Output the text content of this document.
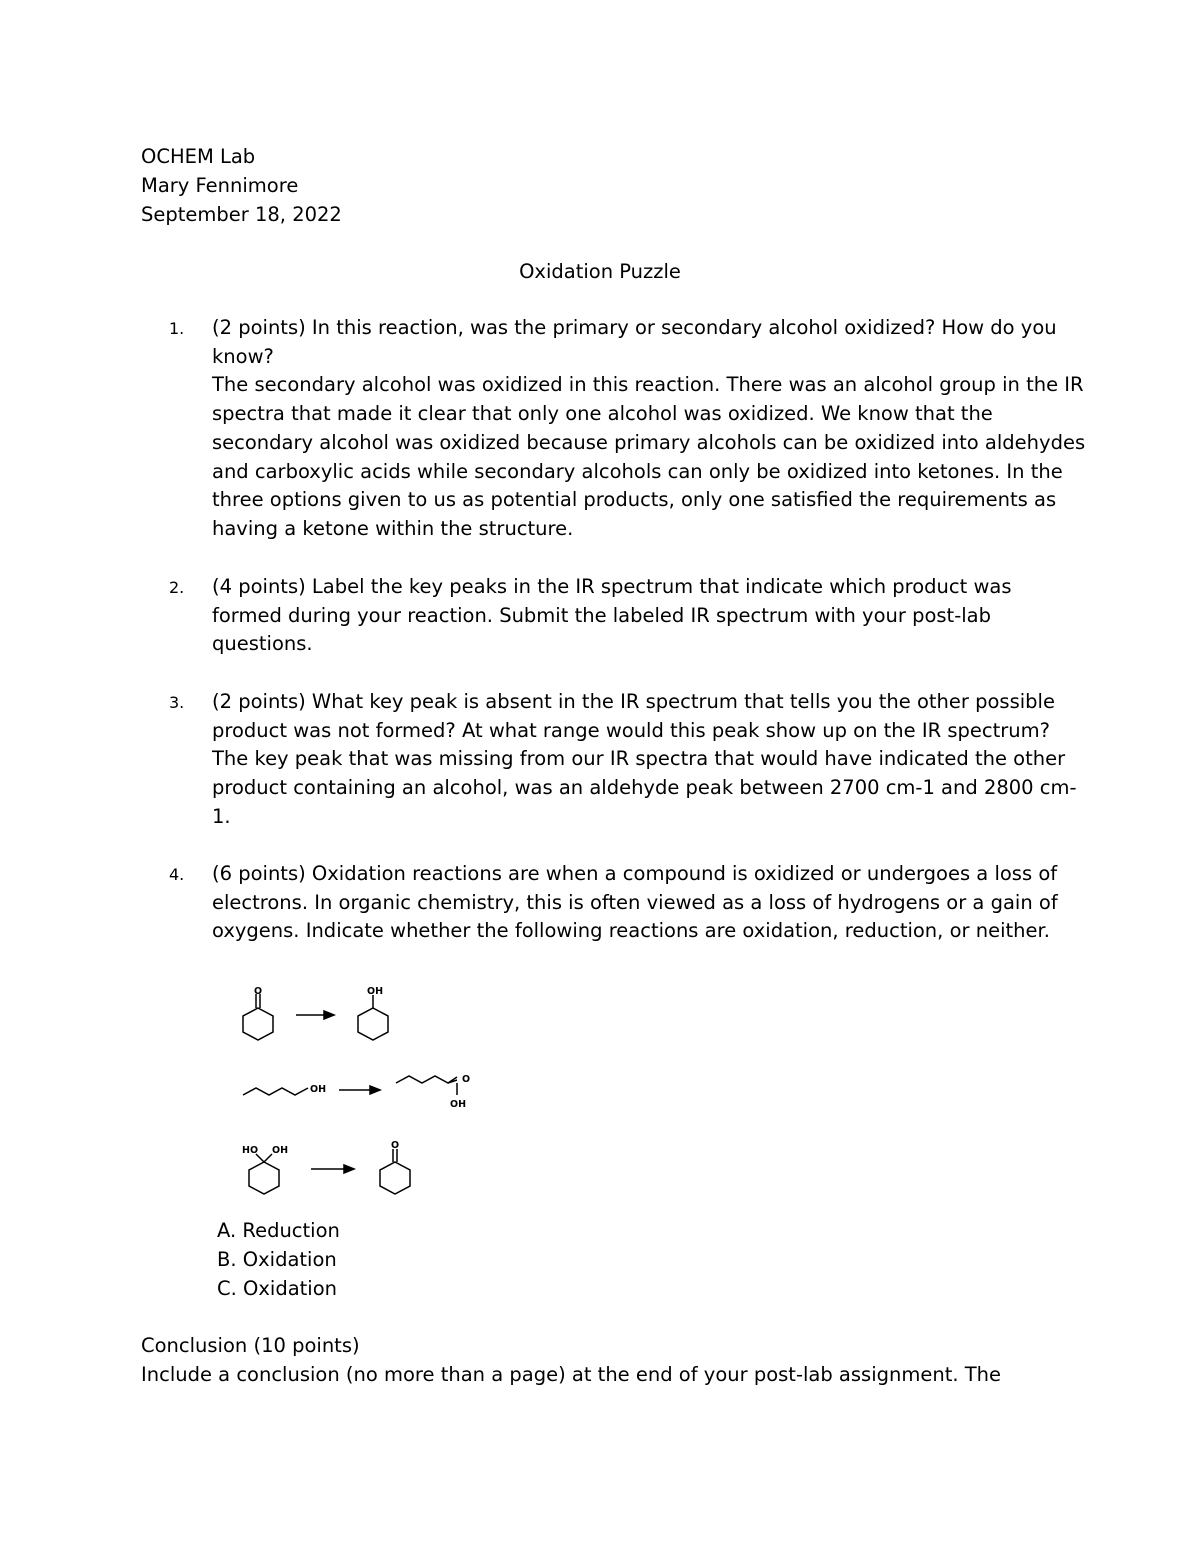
OCHEM Lab
Mary Fennimore
September 18, 2022
Oxidation Puzzle
1.	(2 points) In this reaction, was the primary or secondary alcohol oxidized? How do you
know?
The secondary alcohol was oxidized in this reaction. There was an alcohol group in the IR
spectra that made it clear that only one alcohol was oxidized. We know that the
secondary alcohol was oxidized because primary alcohols can be oxidized into aldehydes
and carboxylic acids while secondary alcohols can only be oxidized into ketones. In the
three options given to us as potential products, only one satisfied the requirements as
having a ketone within the structure.
2.	(4 points) Label the key peaks in the IR spectrum that indicate which product was
formed during your reaction. Submit the labeled IR spectrum with your post-lab
questions.
3.	(2 points) What key peak is absent in the IR spectrum that tells you the other possible
product was not formed? At what range would this peak show up on the IR spectrum?
The key peak that was missing from our IR spectra that would have indicated the other
product containing an alcohol, was an aldehyde peak between 2700 cm-1 and 2800 cm-
1.
4.	(6 points) Oxidation reactions are when a compound is oxidized or undergoes a loss of
electrons. In organic chemistry, this is often viewed as a loss of hydrogens or a gain of
oxygens. Indicate whether the following reactions are oxidation, reduction, or neither.
O	OH
OH
O
OH
HO OH	O
A. Reduction
B. Oxidation
C. Oxidation
Conclusion (10 points)
Include a conclusion (no more than a page) at the end of your post-lab assignment. The
